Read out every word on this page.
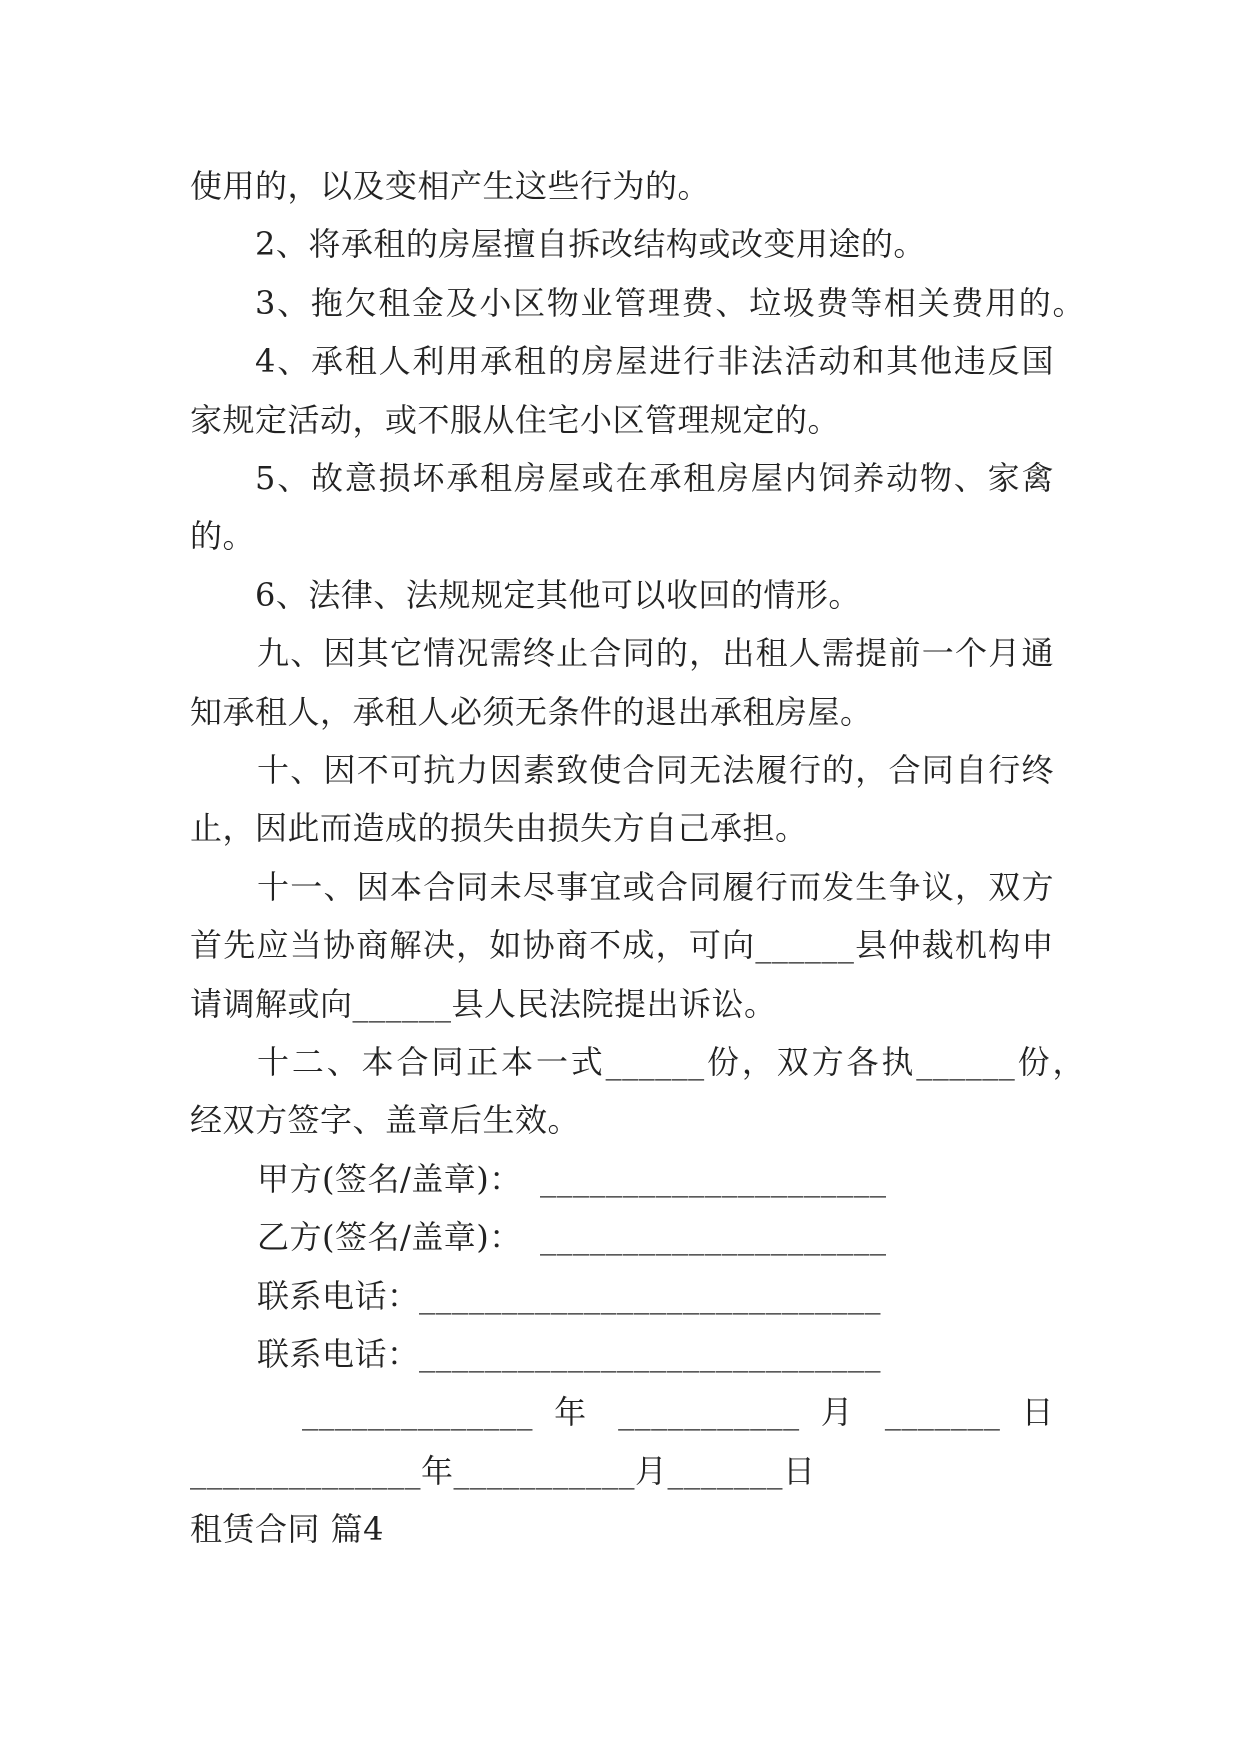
使用的，以及变相产生这些行为的。
2、将承租的房屋擅自拆改结构或改变用途的。
3、拖欠租金及小区物业管理费、垃圾费等相关费用的。
4、承租人利用承租的房屋进行非法活动和其他违反国
家规定活动，或不服从住宅小区管理规定的。
5、故意损坏承租房屋或在承租房屋内饲养动物、家禽
的。
6、法律、法规规定其他可以收回的情形。
九、因其它情况需终止合同的，出租人需提前一个月通
知承租人，承租人必须无条件的退出承租房屋。
十、因不可抗力因素致使合同无法履行的，合同自行终
止，因此而造成的损失由损失方自己承担。
十一、因本合同未尽事宜或合同履行而发生争议，双方
首先应当协商解决，如协商不成，可向______县仲裁机构申
请调解或向______县人民法院提出诉讼。
十二、本合同正本一式______份，双方各执______份，
经双方签字、盖章后生效。
甲方(签名/盖章)： _____________________
乙方(签名/盖章)： _____________________
联系电话：____________________________
联系电话：____________________________
______________ 年 ___________ 月 _______ 日
______________年___________月_______日
租赁合同 篇4
